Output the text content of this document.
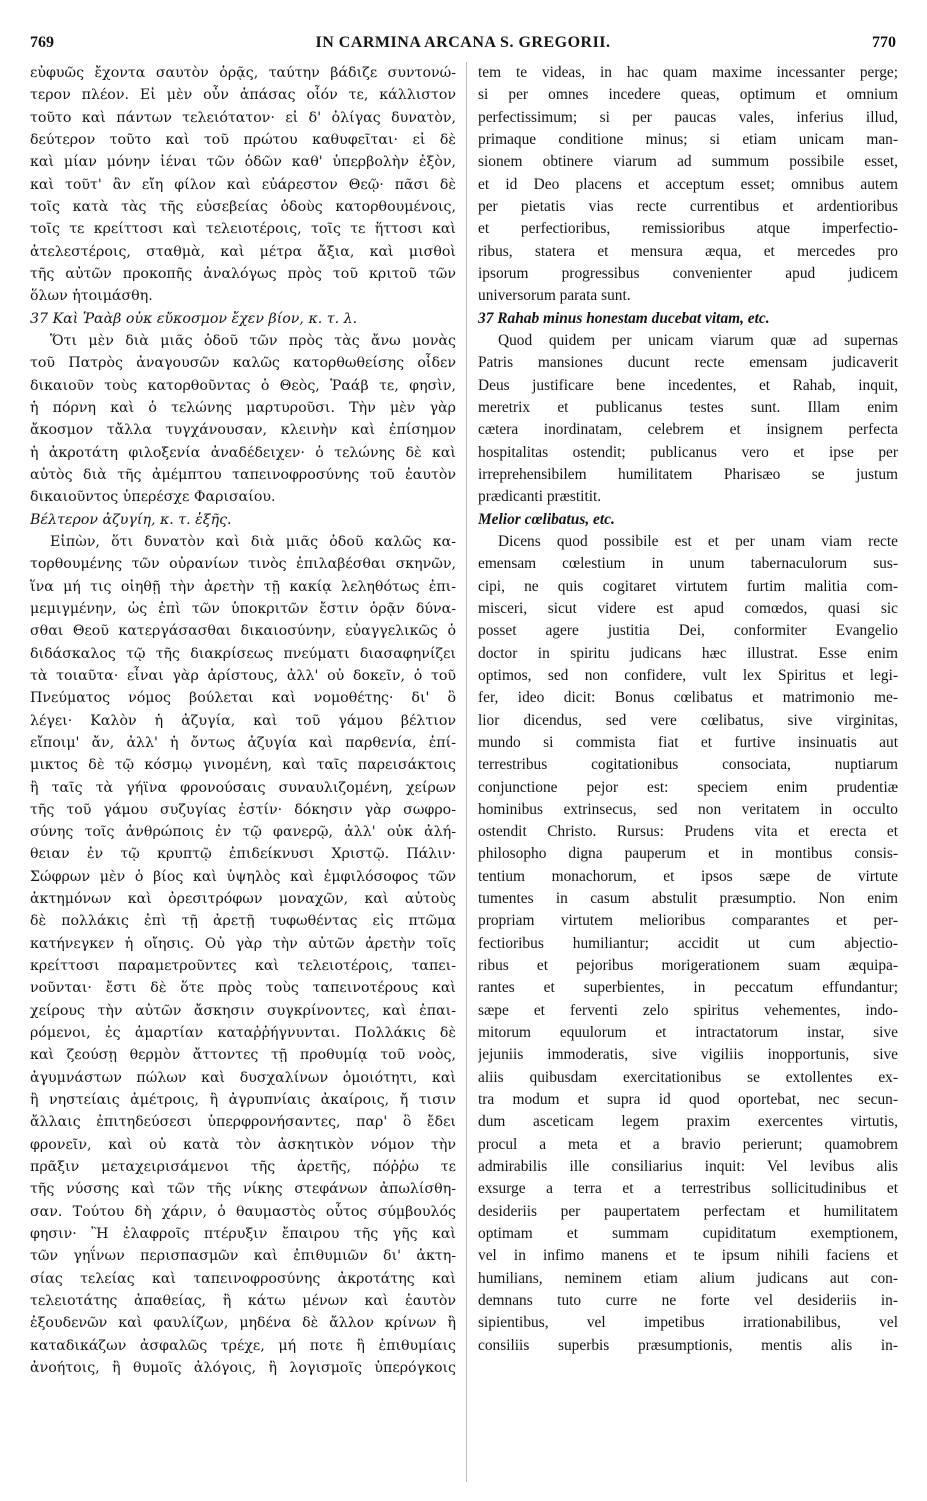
769	IN CARMINA ARCANA S. GREGORII.	770
εὐφυῶς ἔχοντα σαυτὸν ὁρᾷς, ταύτην βάδιζε συντονώ-
τερον πλέον. Εἰ μὲν οὖν ἁπάσας οἷόν τε, κάλλιστον
τοῦτο καὶ πάντων τελειότατον· εἰ δ' ὀλίγας δυνατὸν,
δεύτερον τοῦτο καὶ τοῦ πρώτου καθυφεῖται· εἰ δὲ
καὶ μίαν μόνην ἰέναι τῶν ὁδῶν καθ' ὑπερβολὴν ἐξὸν,
καὶ τοῦτ' ἂν εἴη φίλον καὶ εὐάρεστον Θεῷ· πᾶσι δὲ
τοῖς κατὰ τὰς τῆς εὐσεβείας ὁδοὺς κατορθουμένοις,
τοῖς τε κρείττοσι καὶ τελειοτέροις, τοῖς τε ἥττοσι καὶ
ἀτελεστέροις, σταθμὰ, καὶ μέτρα ἄξια, καὶ μισθοὶ
τῆς αὐτῶν προκοπῆς ἀναλόγως πρὸς τοῦ κριτοῦ τῶν
ὅλων ἡτοιμάσθη.
37 Καὶ Ῥαὰβ οὐκ εὔκοσμον ἔχεν βίον, κ. τ. λ.
Ὅτι μὲν διὰ μιᾶς ὁδοῦ τῶν πρὸς τὰς ἄνω μονὰς
τοῦ Πατρὸς ἀναγουσῶν καλῶς κατορθωθείσης οἶδεν
δικαιοῦν τοὺς κατορθοῦντας ὁ Θεὸς, Ῥαάβ τε, φησὶν,
ἡ πόρνη καὶ ὁ τελώνης μαρτυροῦσι. Τὴν μὲν γὰρ
ἄκοσμον τἄλλα τυγχάνουσαν, κλεινὴν καὶ ἐπίσημον
ἡ ἀκροτάτη φιλοξενία ἀναδέδειχεν· ὁ τελώνης δὲ καὶ
αὐτὸς διὰ τῆς ἀμέμπτου ταπεινοφροσύνης τοῦ ἑαυτὸν
δικαιοῦντος ὑπερέσχε Φαρισαίου.
Βέλτερον ἀζυγίη, κ. τ. ἑξῆς.
Εἰπὼν, ὅτι δυνατὸν καὶ διὰ μιᾶς ὁδοῦ καλῶς κα-
τορθουμένης τῶν οὐρανίων τινὸς ἐπιλαβέσθαι σκηνῶν,
ἵνα μή τις οἰηθῇ τὴν ἀρετὴν τῇ κακίᾳ λεληθότως ἐπι-
μεμιγμένην, ὡς ἐπὶ τῶν ὑποκριτῶν ἔστιν ὁρᾷν δύνα-
σθαι Θεοῦ κατεργάσασθαι δικαιοσύνην, εὐαγγελικῶς ὁ
διδάσκαλος τῷ τῆς διακρίσεως πνεύματι διασαφηνίζει
τὰ τοιαῦτα· εἶναι γὰρ ἀρίστους, ἀλλ' οὐ δοκεῖν, ὁ τοῦ
Πνεύματος νόμος βούλεται καὶ νομοθέτης· δι' ὃ
λέγει· Καλὸν ἡ ἀζυγία, καὶ τοῦ γάμου βέλτιον
εἴποιμ' ἄν, ἀλλ' ἡ ὄντως ἀζυγία καὶ παρθενία, ἐπί-
μικτος δὲ τῷ κόσμῳ γινομένη, καὶ ταῖς παρεισάκτοις
ἢ ταῖς τὰ γήϊνα φρονούσαις συναυλιζομένη, χείρων
τῆς τοῦ γάμου συζυγίας ἐστίν· δόκησιν γὰρ σωφρο-
σύνης τοῖς ἀνθρώποις ἐν τῷ φανερῷ, ἀλλ' οὐκ ἀλή-
θειαν ἐν τῷ κρυπτῷ ἐπιδείκνυσι Χριστῷ. Πάλιν·
Σώφρων μὲν ὁ βίος καὶ ὑψηλὸς καὶ ἐμφιλόσοφος τῶν
ἀκτημόνων καὶ ὀρεσιτρόφων μοναχῶν, καὶ αὐτοὺς
δὲ πολλάκις ἐπὶ τῇ ἀρετῇ τυφωθέντας εἰς πτῶμα
κατήνεγκεν ἡ οἴησις. Οὐ γὰρ τὴν αὐτῶν ἀρετὴν τοῖς
κρείττοσι παραμετροῦντες καὶ τελειοτέροις, ταπει-
νοῦνται· ἔστι δὲ ὅτε πρὸς τοὺς ταπεινοτέρους καὶ
χείρους τὴν αὐτῶν ἄσκησιν συγκρίνοντες, καὶ ἐπαι-
ρόμενοι, ἐς ἁμαρτίαν καταῤῥήγνυνται. Πολλάκις δὲ
καὶ ζεούσῃ θερμὸν ἄττοντες τῇ προθυμίᾳ τοῦ νοὸς,
ἀγυμνάστων πώλων καὶ δυσχαλίνων ὁμοιότητι, καὶ
ἢ νηστείαις ἀμέτροις, ἢ ἀγρυπνίαις ἀκαίροις, ἤ τισιν
ἄλλαις ἐπιτηδεύσεσι ὑπερφρονήσαντες, παρ' ὃ ἔδει
φρονεῖν, καὶ οὐ κατὰ τὸν ἀσκητικὸν νόμον τὴν
πρᾶξιν μεταχειρισάμενοι τῆς ἀρετῆς, πόῤῥω τε
τῆς νύσσης καὶ τῶν τῆς νίκης στεφάνων ἀπωλίσθη-
σαν. Τούτου δὴ χάριν, ὁ θαυμαστὸς οὗτος σύμβουλός
φησιν· Ἢ ἐλαφροῖς πτέρυξιν ἔπαιρου τῆς γῆς καὶ
τῶν γηΐνων περισπασμῶν καὶ ἐπιθυμιῶν δι' ἀκτη-
σίας τελείας καὶ ταπεινοφροσύνης ἀκροτάτης καὶ
τελειοτάτης ἀπαθείας, ἢ κάτω μένων καὶ ἑαυτὸν
ἐξουδενῶν καὶ φαυλίζων, μηδένα δὲ ἄλλον κρίνων ἢ
καταδικάζων ἀσφαλῶς τρέχε, μή ποτε ἢ ἐπιθυμίαις
ἀνοήτοις, ἢ θυμοῖς ἀλόγοις, ἢ λογισμοῖς ὑπερόγκοις
tem te videas, in hac quam maxime incessanter perge;
si per omnes incedere queas, optimum et omnium
perfectissimum; si per paucas vales, inferius illud,
primaque conditione minus; si etiam unicam man-
sionem obtinere viarum ad summum possibile esset,
et id Deo placens et acceptum esset; omnibus autem
per pietatis vias recte currentibus et ardentioribus
et perfectioribus, remissioribus atque imperfectio-
ribus, statera et mensura æqua, et mercedes pro
ipsorum progressibus convenienter apud judicem
universorum parata sunt.
37 Rahab minus honestam ducebat vitam, etc.
Quod quidem per unicam viarum quæ ad supernas
Patris mansiones ducunt recte emensam judicaverit
Deus justificare bene incedentes, et Rahab, inquit,
meretrix et publicanus testes sunt. Illam enim
cætera inordinatam, celebrem et insignem perfecta
hospitalitas ostendit; publicanus vero et ipse per
irreprehensibilem humilitatem Pharisæo se justum
prædicanti præstitit.
Melior cœlibatus, etc.
Dicens quod possibile est et per unam viam recte
emensam cœlestium in unum tabernaculorum sus-
cipi, ne quis cogitaret virtutem furtim malitia com-
misceri, sicut videre est apud comœdos, quasi sic
posset agere justitia Dei, conformiter Evangelio
doctor in spiritu judicans hæc illustrat. Esse enim
optimos, sed non confidere, vult lex Spiritus et legi-
fer, ideo dicit: Bonus cœlibatus et matrimonio me-
lior dicendus, sed vere cœlibatus, sive virginitas,
mundo si commista fiat et furtive insinuatis aut
terrestribus cogitationibus consociata, nuptiarum
conjunctione pejor est: speciem enim prudentiæ
hominibus extrinsecus, sed non veritatem in occulto
ostendit Christo. Rursus: Prudens vita et erecta et
philosopho digna pauperum et in montibus consis-
tentium monachorum, et ipsos sæpe de virtute
tumentes in casum abstulit præsumptio. Non enim
propriam virtutem melioribus comparantes et per-
fectioribus humiliantur; accidit ut cum abjectio-
ribus et pejoribus morigerationem suam æquipa-
rantes et superbientes, in peccatum effundantur;
sæpe et ferventi zelo spiritus vehementes, indo-
mitorum equulorum et intractatorum instar, sive
jejuniis immoderatis, sive vigiliis inopportunis, sive
aliis quibusdam exercitationibus se extollentes ex-
tra modum et supra id quod oportebat, nec secun-
dum asceticam legem praxim exercentes virtutis,
procul a meta et a bravio perierunt; quamobrem
admirabilis ille consiliarius inquit: Vel levibus alis
exsurge a terra et a terrestribus sollicitudinibus et
desideriis per paupertatem perfectam et humilitatem
optimam et summam cupiditatum exemptionem,
vel in infimo manens et te ipsum nihili faciens et
humilians, neminem etiam alium judicans aut con-
demnans tuto curre ne forte vel desideriis in-
sipientibus, vel impetibus irrationabilibus, vel
consiliis superbis præsumptionis, mentis alis in-
